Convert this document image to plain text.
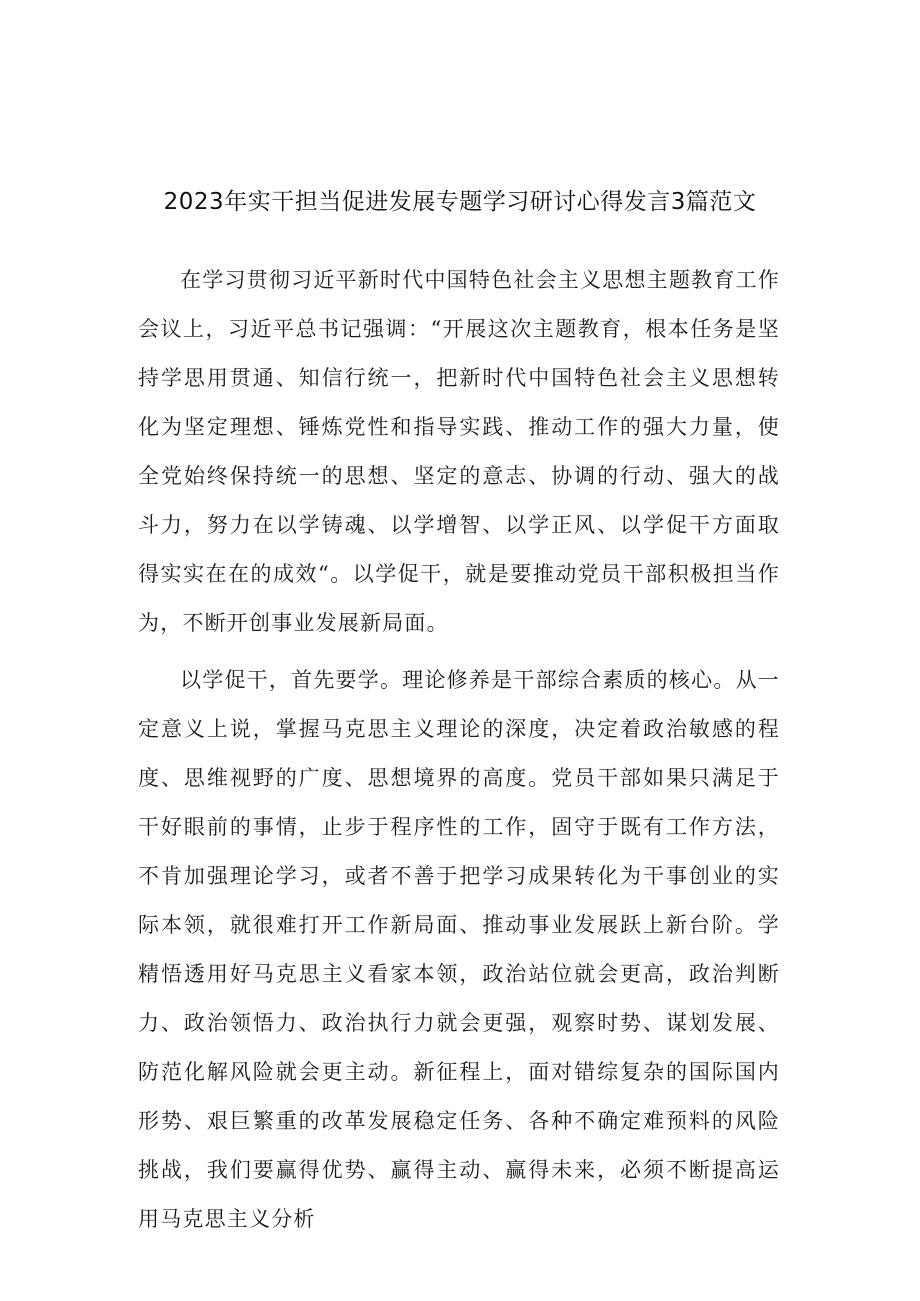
2023年实干担当促进发展专题学习研讨心得发言3篇范文

在学习贯彻习近平新时代中国特色社会主义思想主题教育工作会议上，习近平总书记强调：“开展这次主题教育，根本任务是坚持学思用贯通、知信行统一，把新时代中国特色社会主义思想转化为坚定理想、锤炼党性和指导实践、推动工作的强大力量，使全党始终保持统一的思想、坚定的意志、协调的行动、强大的战斗力，努力在以学铸魂、以学增智、以学正风、以学促干方面取得实实在在的成效“。以学促干，就是要推动党员干部积极担当作为，不断开创事业发展新局面。

以学促干，首先要学。理论修养是干部综合素质的核心。从一定意义上说，掌握马克思主义理论的深度，决定着政治敏感的程度、思维视野的广度、思想境界的高度。党员干部如果只满足于干好眼前的事情，止步于程序性的工作，固守于既有工作方法，不肯加强理论学习，或者不善于把学习成果转化为干事创业的实际本领，就很难打开工作新局面、推动事业发展跃上新台阶。学精悟透用好马克思主义看家本领，政治站位就会更高，政治判断力、政治领悟力、政治执行力就会更强，观察时势、谋划发展、防范化解风险就会更主动。新征程上，面对错综复杂的国际国内形势、艰巨繁重的改革发展稳定任务、各种不确定难预料的风险挑战，我们要赢得优势、赢得主动、赢得未来，必须不断提高运用马克思主义分析
